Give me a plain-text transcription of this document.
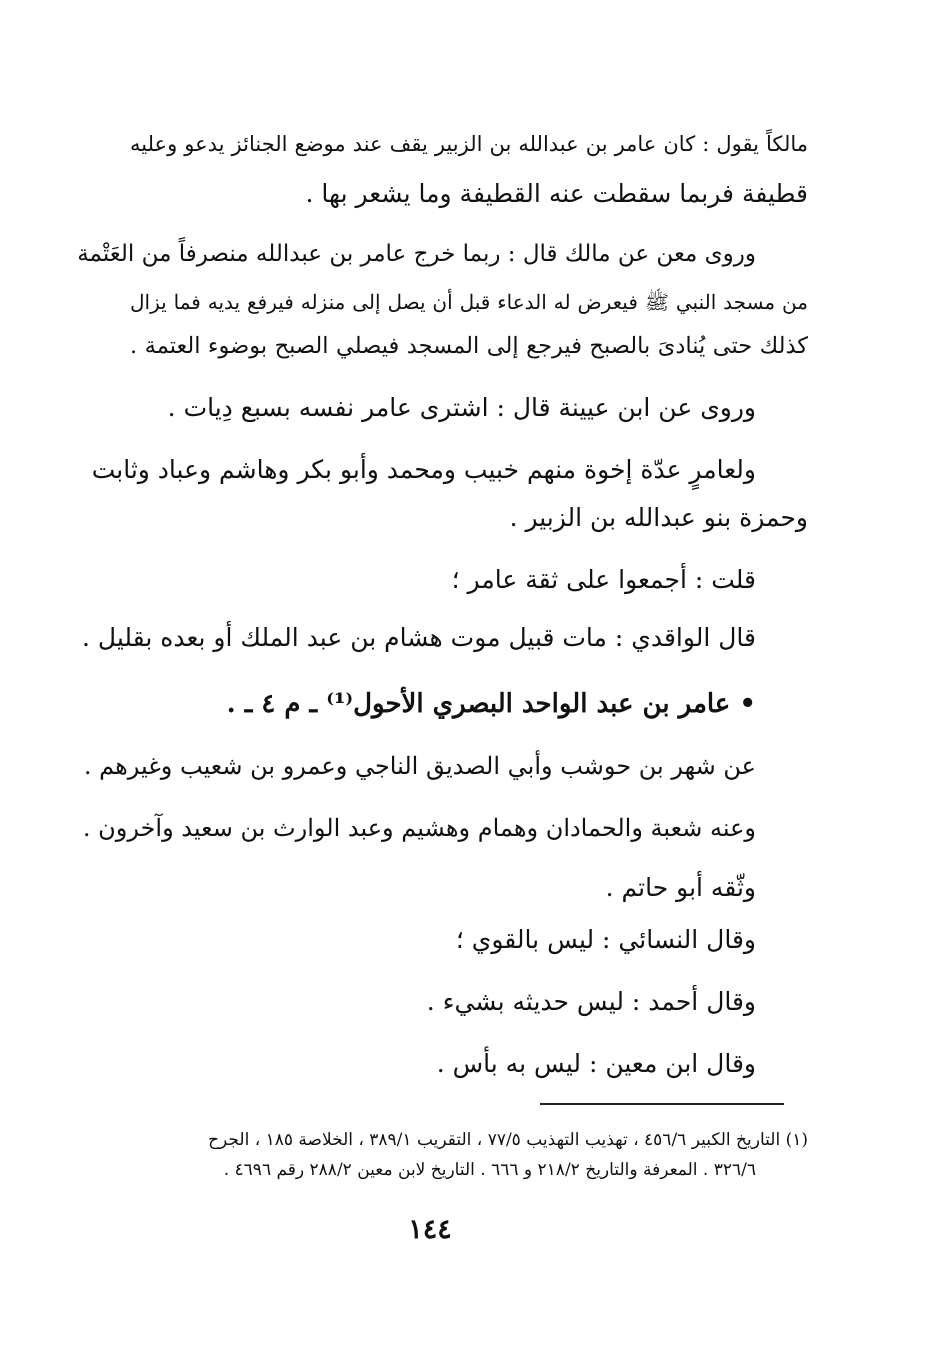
مالكاً يقول : كان عامر بن عبدالله بن الزبير يقف عند موضع الجنائز يدعو وعليه
قطيفة فربما سقطت عنه القطيفة وما يشعر بها .
وروى معن عن مالك قال : ربما خرج عامر بن عبدالله منصرفاً من العَتْمة
من مسجد النبي ﷺ فيعرض له الدعاء قبل أن يصل إلى منزله فيرفع يديه فما يزال
كذلك حتى يُنادىَ بالصبح فيرجع إلى المسجد فيصلي الصبح بوضوء العتمة .
وروى عن ابن عيينة قال : اشترى عامر نفسه بسبع دِيات .
ولعامرٍ عدّة إخوة منهم خبيب ومحمد وأبو بكر وهاشم وعباد وثابت
وحمزة بنو عبدالله بن الزبير .
قلت : أجمعوا على ثقة عامر ؛
قال الواقدي : مات قبيل موت هشام بن عبد الملك أو بعده بقليل .
• عامر بن عبد الواحد البصري الأحول⁽¹⁾ ـ م ٤ ـ .
عن شهر بن حوشب وأبي الصديق الناجي وعمرو بن شعيب وغيرهم .
وعنه شعبة والحمادان وهمام وهشيم وعبد الوارث بن سعيد وآخرون .
وثّقه أبو حاتم .
وقال النسائي : ليس بالقوي ؛
وقال أحمد : ليس حديثه بشيء .
وقال ابن معين : ليس به بأس .
(١) التاريخ الكبير ٤٥٦/٦ ، تهذيب التهذيب ٧٧/٥ ، التقريب ٣٨٩/١ ، الخلاصة ١٨٥ ، الجرح
٣٢٦/٦ . المعرفة والتاريخ ٢١٨/٢ و ٦٦٦ . التاريخ لابن معين ٢٨٨/٢ رقم ٤٦٩٦ .
١٤٤
